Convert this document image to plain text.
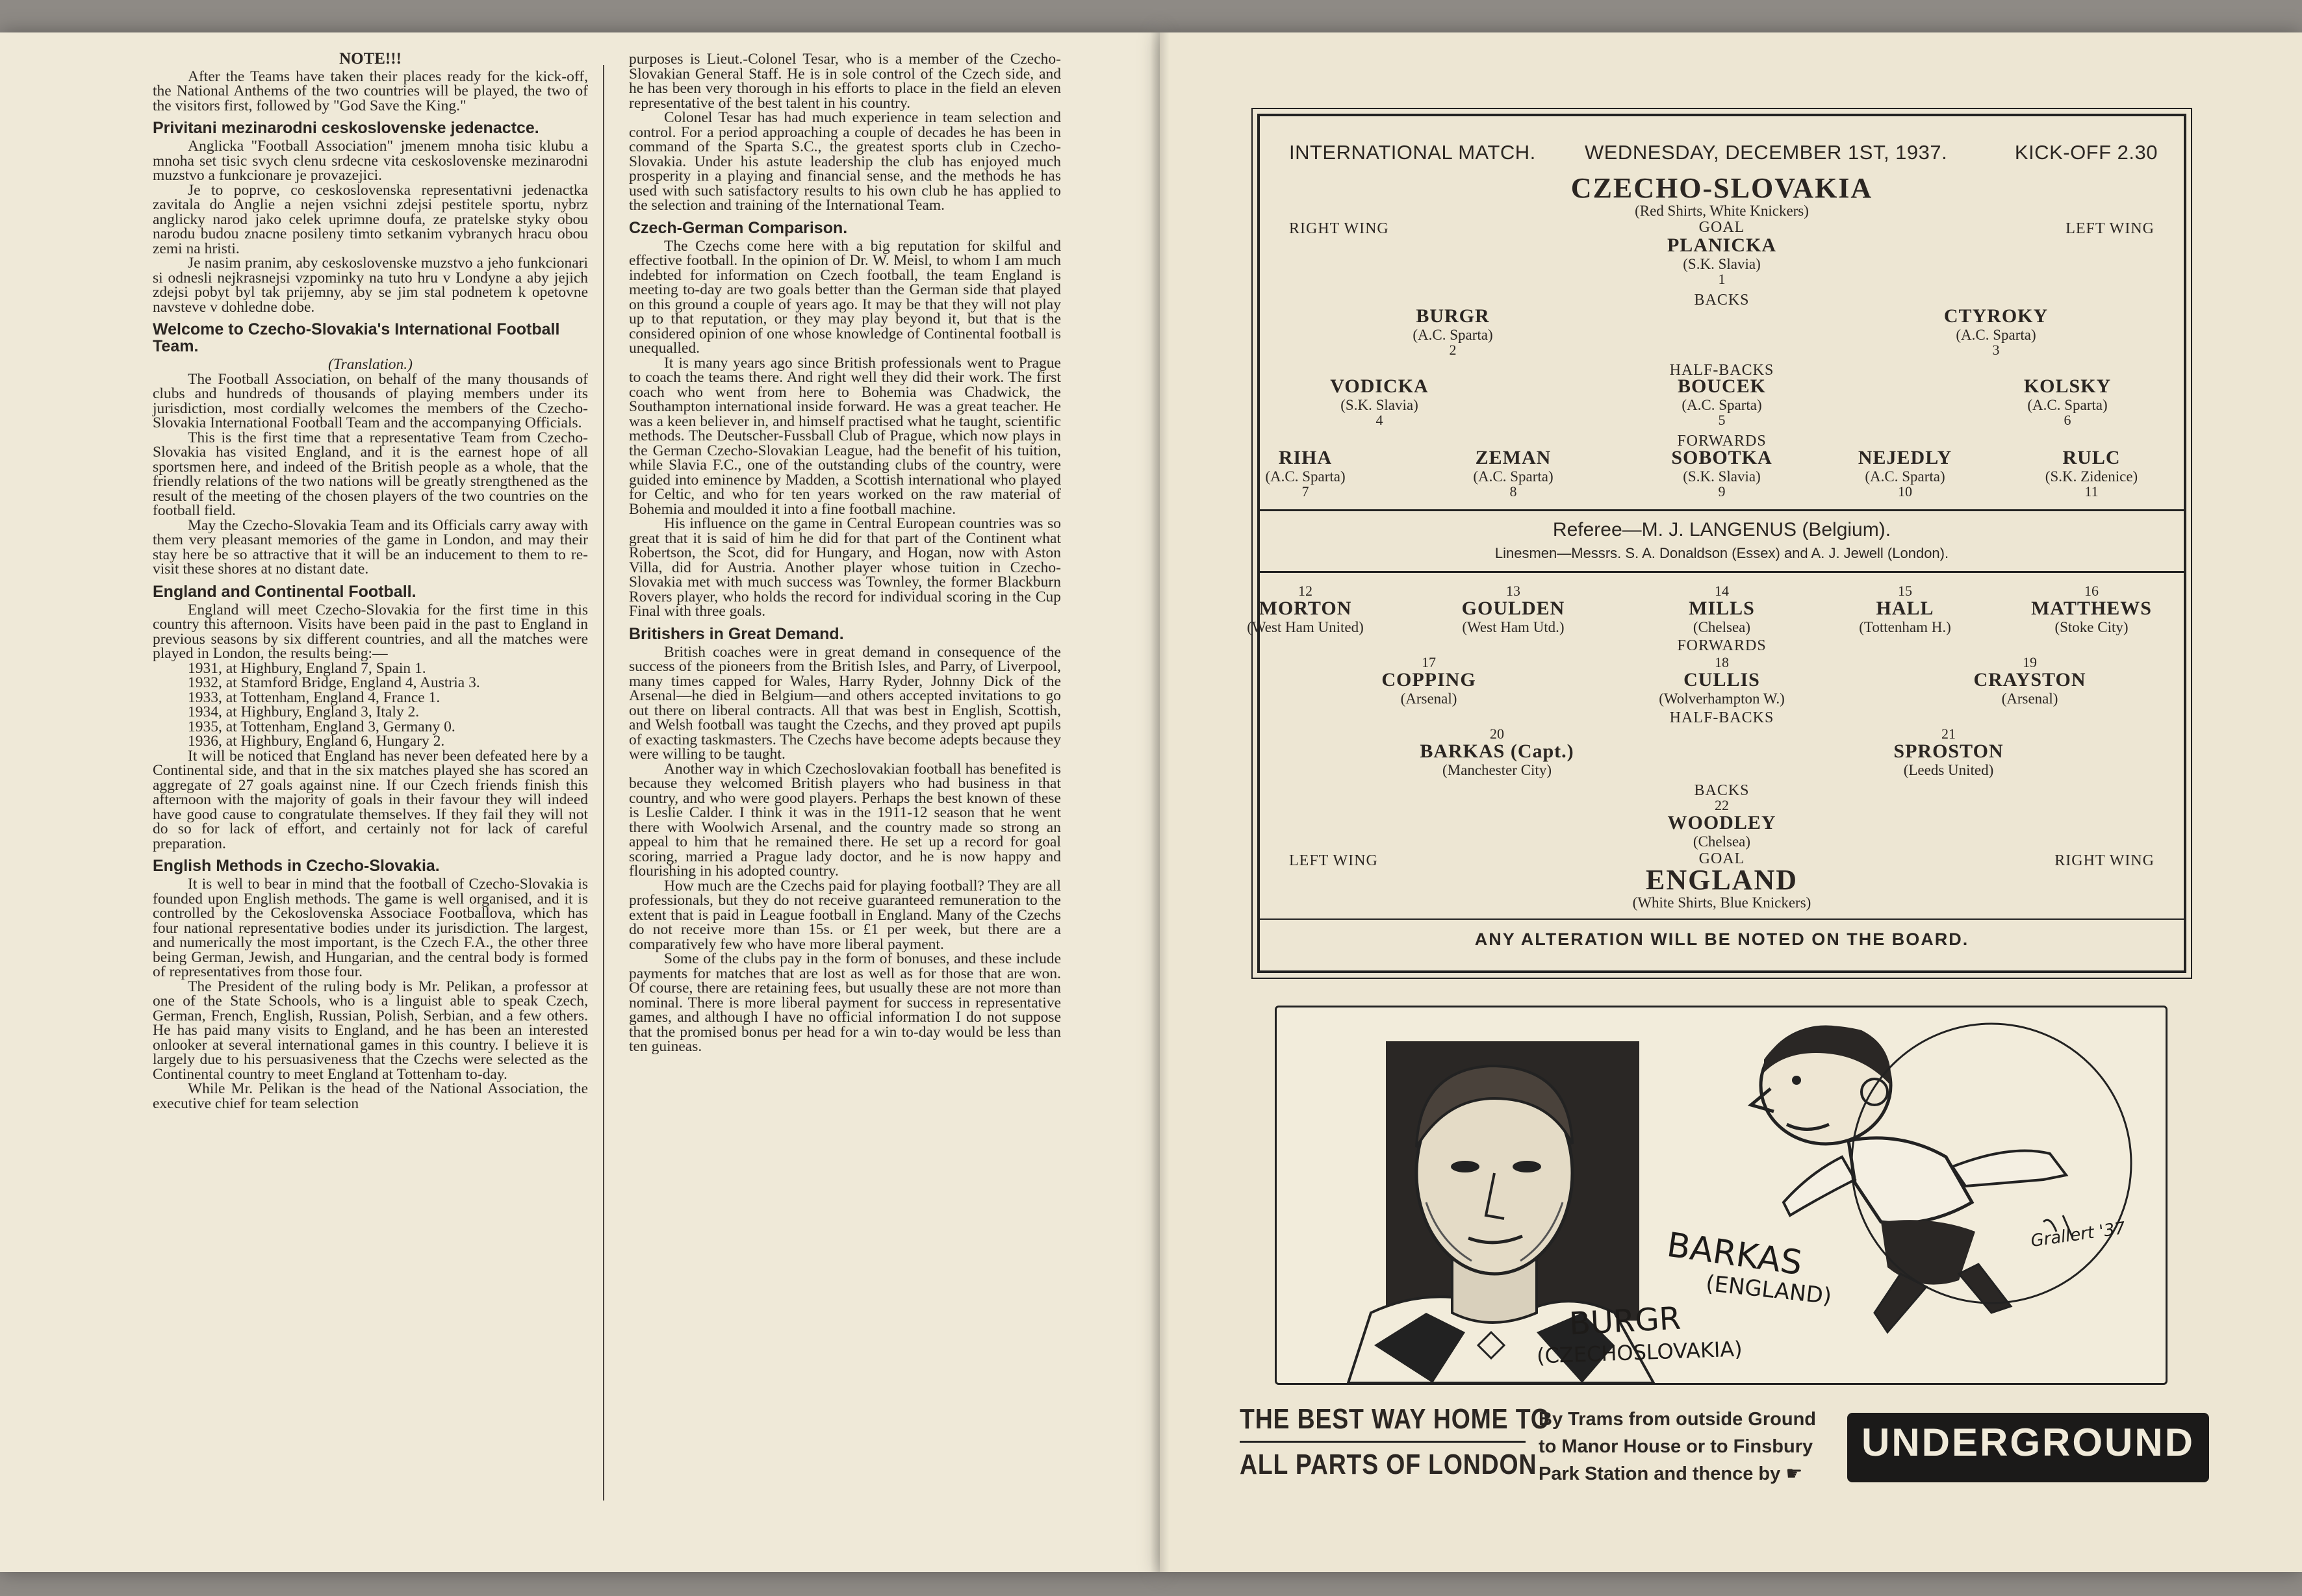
NOTE!!!

After the Teams have taken their places ready for the kick-off, the National Anthems of the two countries will be played, the two of the visitors first, followed by "God Save the King."

Privitani mezinarodni ceskoslovenske jedenactce.

Anglicka "Football Association" jmenem mnoha tisic klubu a mnoha set tisic svych clenu srdecne vita ceskoslovenske mezinarodni muzstvo a funkcionare je provazejici.

Je to poprve, co ceskoslovenska representativni jedenactka zavitala do Anglie a nejen vsichni zdejsi pestitele sportu, nybrz anglicky narod jako celek uprimne doufa, ze pratelske styky obou narodu budou znacne posileny timto setkanim vybranych hracu obou zemi na hristi.

Je nasim pranim, aby ceskoslovenske muzstvo a jeho funkcionari si odnesli nejkrasnejsi vzpominky na tuto hru v Londyne a aby jejich zdejsi pobyt byl tak prijemny, aby se jim stal podnetem k opetovne navsteve v dohledne dobe.

Welcome to Czecho-Slovakia's International Football Team.
(Translation.)

The Football Association, on behalf of the many thousands of clubs and hundreds of thousands of playing members under its jurisdiction, most cordially welcomes the members of the Czecho-Slovakia International Football Team and the accompanying Officials.

This is the first time that a representative Team from Czecho-Slovakia has visited England, and it is the earnest hope of all sportsmen here, and indeed of the British people as a whole, that the friendly relations of the two nations will be greatly strengthened as the result of the meeting of the chosen players of the two countries on the football field.

May the Czecho-Slovakia Team and its Officials carry away with them very pleasant memories of the game in London, and may their stay here be so attractive that it will be an inducement to them to re-visit these shores at no distant date.

England and Continental Football.

England will meet Czecho-Slovakia for the first time in this country this afternoon. Visits have been paid in the past to England in previous seasons by six different countries, and all the matches were played in London, the results being:—

1931, at Highbury, England 7, Spain 1.
1932, at Stamford Bridge, England 4, Austria 3.
1933, at Tottenham, England 4, France 1.
1934, at Highbury, England 3, Italy 2.
1935, at Tottenham, England 3, Germany 0.
1936, at Highbury, England 6, Hungary 2.

It will be noticed that England has never been defeated here by a Continental side, and that in the six matches played she has scored an aggregate of 27 goals against nine. If our Czech friends finish this afternoon with the majority of goals in their favour they will indeed have good cause to congratulate themselves. If they fail they will not do so for lack of effort, and certainly not for lack of careful preparation.

English Methods in Czecho-Slovakia.

It is well to bear in mind that the football of Czecho-Slovakia is founded upon English methods. The game is well organised, and it is controlled by the Cekoslovenska Associace Footballova, which has four national representative bodies under its jurisdiction. The largest, and numerically the most important, is the Czech F.A., the other three being German, Jewish, and Hungarian, and the central body is formed of representatives from those four.

The President of the ruling body is Mr. Pelikan, a professor at one of the State Schools, who is a linguist able to speak Czech, German, French, English, Russian, Polish, Serbian, and a few others. He has paid many visits to England, and he has been an interested onlooker at several international games in this country. I believe it is largely due to his persuasiveness that the Czechs were selected as the Continental country to meet England at Tottenham to-day.

While Mr. Pelikan is the head of the National Association, the executive chief for team selection

purposes is Lieut.-Colonel Tesar, who is a member of the Czecho-Slovakian General Staff. He is in sole control of the Czech side, and he has been very thorough in his efforts to place in the field an eleven representative of the best talent in his country.

Colonel Tesar has had much experience in team selection and control. For a period approaching a couple of decades he has been in command of the Sparta S.C., the greatest sports club in Czecho-Slovakia. Under his astute leadership the club has enjoyed much prosperity in a playing and financial sense, and the methods he has used with such satisfactory results to his own club he has applied to the selection and training of the International Team.

Czech-German Comparison.

The Czechs come here with a big reputation for skilful and effective football. In the opinion of Dr. W. Meisl, to whom I am much indebted for information on Czech football, the team England is meeting to-day are two goals better than the German side that played on this ground a couple of years ago. It may be that they will not play up to that reputation, or they may play beyond it, but that is the considered opinion of one whose knowledge of Continental football is unequalled.

It is many years ago since British professionals went to Prague to coach the teams there. And right well they did their work. The first coach who went from here to Bohemia was Chadwick, the Southampton international inside forward. He was a great teacher. He was a keen believer in, and himself practised what he taught, scientific methods. The Deutscher-Fussball Club of Prague, which now plays in the German Czecho-Slovakian League, had the benefit of his tuition, while Slavia F.C., one of the outstanding clubs of the country, were guided into eminence by Madden, a Scottish international who played for Celtic, and who for ten years worked on the raw material of Bohemia and moulded it into a fine football machine.

His influence on the game in Central European countries was so great that it is said of him he did for that part of the Continent what Robertson, the Scot, did for Hungary, and Hogan, now with Aston Villa, did for Austria. Another player whose tuition in Czecho-Slovakia met with much success was Townley, the former Blackburn Rovers player, who holds the record for individual scoring in the Cup Final with three goals.

Britishers in Great Demand.

British coaches were in great demand in consequence of the success of the pioneers from the British Isles, and Parry, of Liverpool, many times capped for Wales, Harry Ryder, Johnny Dick of the Arsenal—he died in Belgium—and others accepted invitations to go out there on liberal contracts. All that was best in English, Scottish, and Welsh football was taught the Czechs, and they proved apt pupils of exacting taskmasters. The Czechs have become adepts because they were willing to be taught.

Another way in which Czechoslovakian football has benefited is because they welcomed British players who had business in that country, and who were good players. Perhaps the best known of these is Leslie Calder. I think it was in the 1911-12 season that he went there with Woolwich Arsenal, and the country made so strong an appeal to him that he remained there. He set up a record for goal scoring, married a Prague lady doctor, and he is now happy and flourishing in his adopted country.

How much are the Czechs paid for playing football? They are all professionals, but they do not receive guaranteed remuneration to the extent that is paid in League football in England. Many of the Czechs do not receive more than 15s. or £1 per week, but there are a comparatively few who have more liberal payment.

Some of the clubs pay in the form of bonuses, and these include payments for matches that are lost as well as for those that are won. Of course, there are retaining fees, but usually these are not more than nominal. There is more liberal payment for success in representative games, and although I have no official information I do not suppose that the promised bonus per head for a win to-day would be less than ten guineas.

INTERNATIONAL MATCH. WEDNESDAY, DECEMBER 1ST, 1937.	KICK-OFF 2.30
CZECHO-SLOVAKIA
(Red Shirts, White Knickers)
RIGHT WING	LEFT WING
GOAL
PLANICKA
(S.K. Slavia)
1
BACKS
BURGR
(A.C. Sparta)
2
CTYROKY
(A.C. Sparta)
3
HALF-BACKS
VODICKA
(S.K. Slavia)
4
BOUCEK
(A.C. Sparta)
5
KOLSKY
(A.C. Sparta)
6
FORWARDS
RIHA
(A.C. Sparta)
7
ZEMAN
(A.C. Sparta)
8
SOBOTKA
(S.K. Slavia)
9
NEJEDLY
(A.C. Sparta)
10
RULC
(S.K. Zidenice)
11
Referee—M. J. LANGENUS (Belgium).
Linesmen—Messrs. S. A. Donaldson (Essex) and A. J. Jewell (London).
12
MORTON
(West Ham United)
13
GOULDEN
(West Ham Utd.)
14
MILLS
(Chelsea)
15
HALL
(Tottenham H.)
16
MATTHEWS
(Stoke City)
FORWARDS
17
COPPING
(Arsenal)
18
CULLIS
(Wolverhampton W.)
19
CRAYSTON
(Arsenal)
HALF-BACKS
20
BARKAS (Capt.)
(Manchester City)
21
SPROSTON
(Leeds United)
BACKS
22
WOODLEY
(Chelsea)
LEFT WING	RIGHT WING
GOAL
ENGLAND
(White Shirts, Blue Knickers)
ANY ALTERATION WILL BE NOTED ON THE BOARD.
BARKAS
(ENGLAND)
BURGR
(CZECHOSLOVAKIA)
Grallert '37
THE BEST WAY HOME TO
ALL PARTS OF LONDON
By Trams from outside Ground
to Manor House or to Finsbury
Park Station and thence by ☛
UNDERGROUND
